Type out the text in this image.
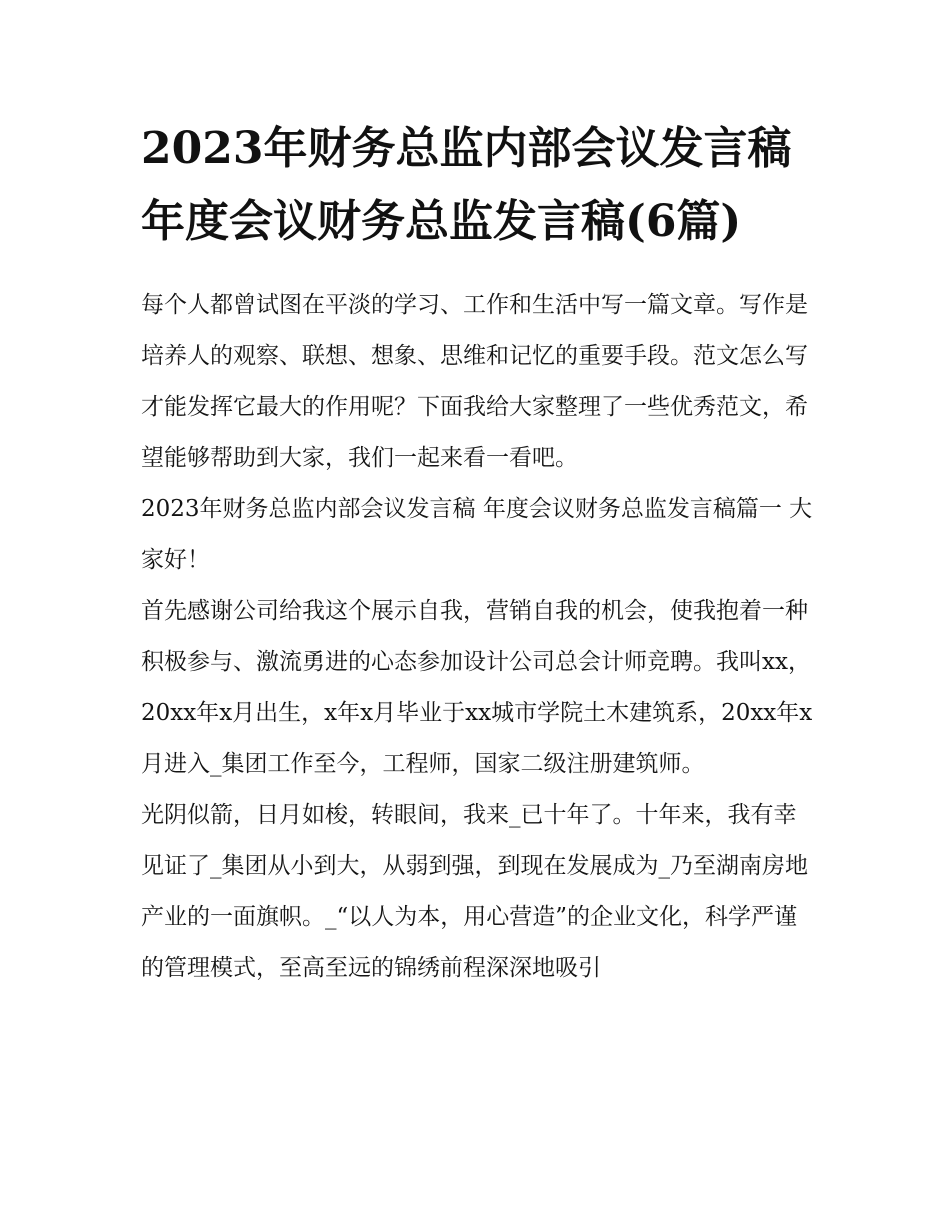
2023年财务总监内部会议发言稿 年度会议财务总监发言稿(6篇)

每个人都曾试图在平淡的学习、工作和生活中写一篇文章。写作是培养人的观察、联想、想象、思维和记忆的重要手段。范文怎么写才能发挥它最大的作用呢？下面我给大家整理了一些优秀范文，希望能够帮助到大家，我们一起来看一看吧。

2023年财务总监内部会议发言稿 年度会议财务总监发言稿篇一 大家好！

首先感谢公司给我这个展示自我，营销自我的机会，使我抱着一种积极参与、激流勇进的心态参加设计公司总会计师竞聘。我叫xx，20xx年x月出生，x年x月毕业于xx城市学院土木建筑系，20xx年x月进入_集团工作至今，工程师，国家二级注册建筑师。

光阴似箭，日月如梭，转眼间，我来_已十年了。十年来，我有幸见证了_集团从小到大，从弱到强，到现在发展成为_乃至湖南房地产业的一面旗帜。_“以人为本，用心营造”的企业文化，科学严谨的管理模式，至高至远的锦绣前程深深地吸引
